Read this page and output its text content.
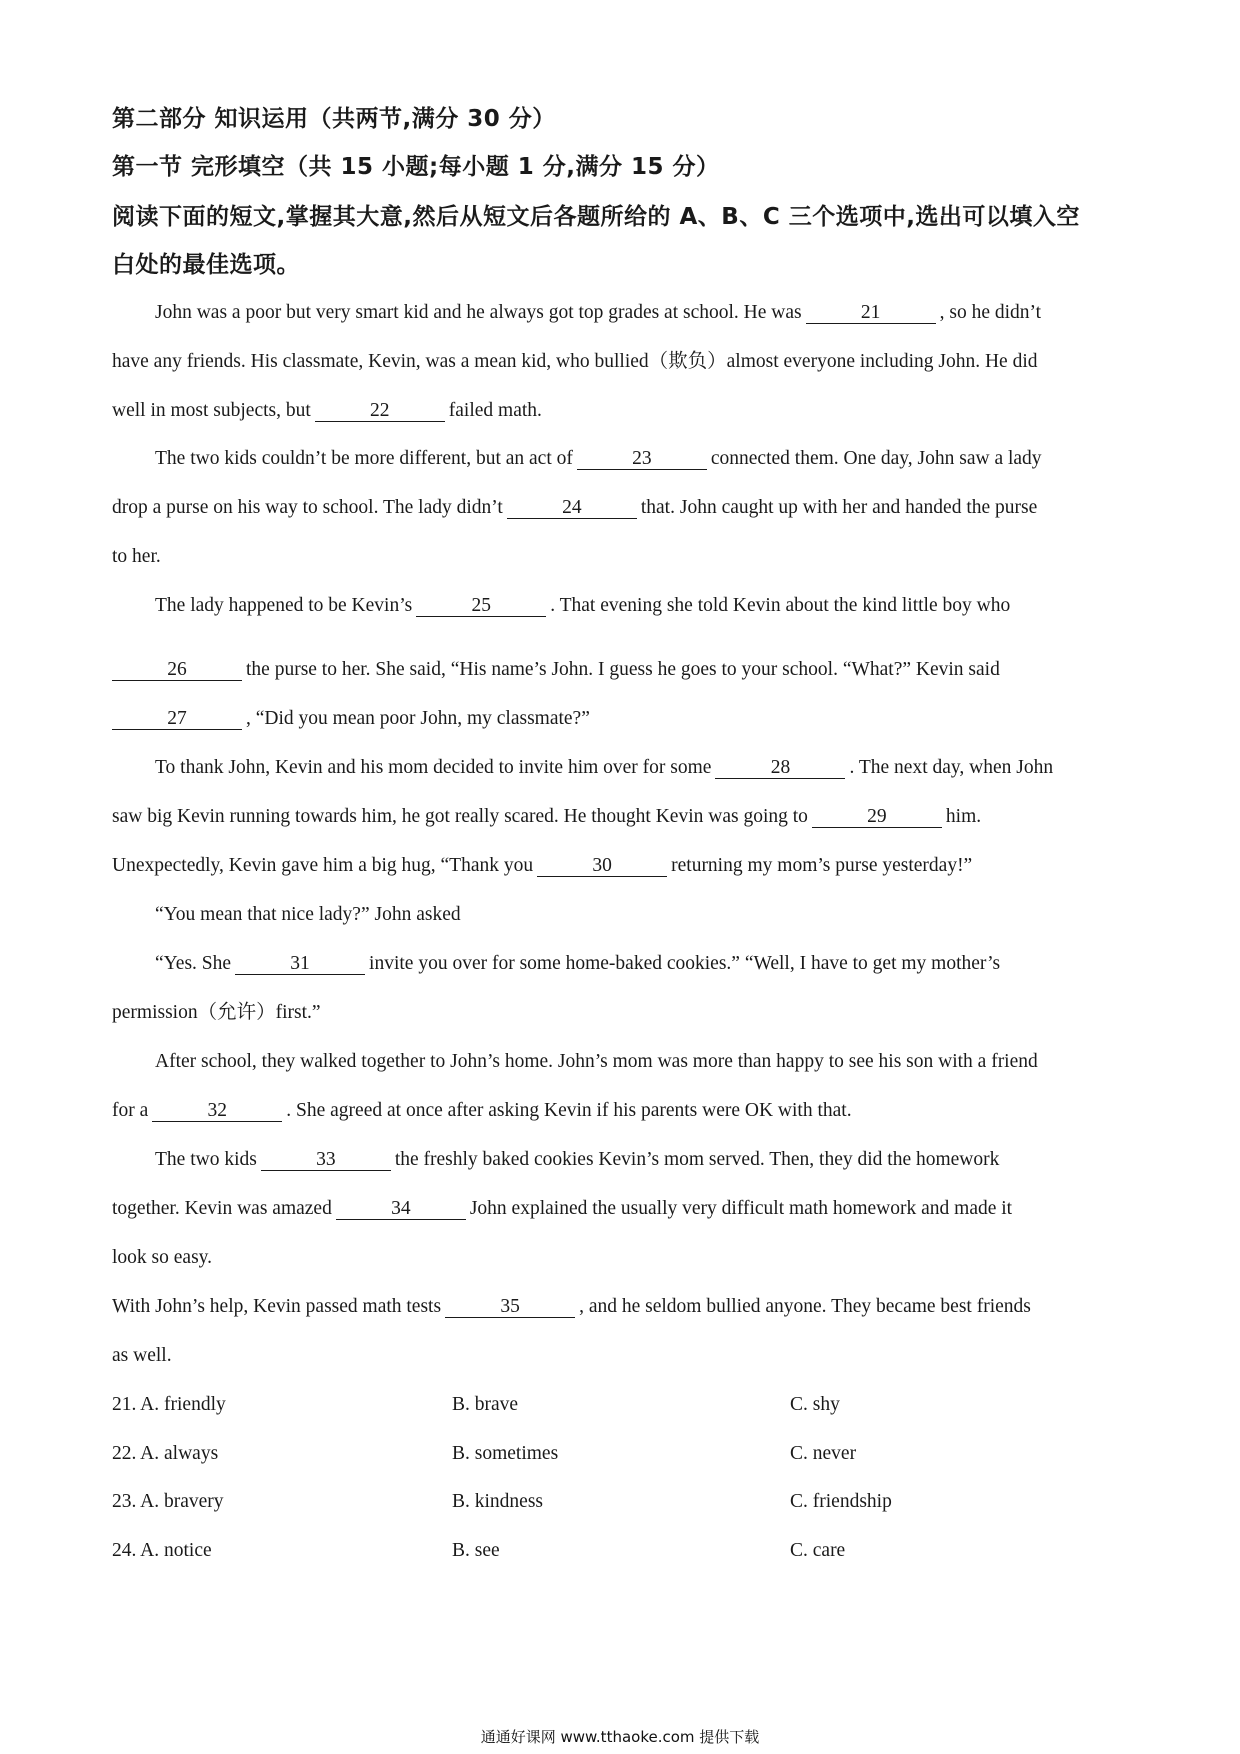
第二部分 知识运用（共两节,满分 30 分）
第一节 完形填空（共 15 小题;每小题 1 分,满分 15 分）
阅读下面的短文,掌握其大意,然后从短文后各题所给的 A、B、C 三个选项中,选出可以填入空
白处的最佳选项。
John was a poor but very smart kid and he always got top grades at school. He was	21	, so he didn’t
have any friends. His classmate, Kevin, was a mean kid, who bullied（欺负）almost everyone including John. He did
well in most subjects, but	22	failed math.
The two kids couldn’t be more different, but an act of	23	connected them. One day, John saw a lady
drop a purse on his way to school. The lady didn’t	24	that. John caught up with her and handed the purse
to her.
The lady happened to be Kevin’s	25	. That evening she told Kevin about the kind little boy who
26	the purse to her. She said, “His name’s John. I guess he goes to your school. “What?” Kevin said
27	, “Did you mean poor John, my classmate?”
To thank John, Kevin and his mom decided to invite him over for some	28	. The next day, when John
saw big Kevin running towards him, he got really scared. He thought Kevin was going to	29	him.
Unexpectedly, Kevin gave him a big hug, “Thank you	30	returning my mom’s purse yesterday!”
“You mean that nice lady?” John asked
“Yes. She	31	invite you over for some home-baked cookies.” “Well, I have to get my mother’s
permission（允许）first.”
After school, they walked together to John’s home. John’s mom was more than happy to see his son with a friend
for a	32	. She agreed at once after asking Kevin if his parents were OK with that.
The two kids	33	the freshly baked cookies Kevin’s mom served. Then, they did the homework
together. Kevin was amazed	34	John explained the usually very difficult math homework and made it
look so easy.
With John’s help, Kevin passed math tests	35	, and he seldom bullied anyone. They became best friends
as well.
21. A. friendly	B. brave	C. shy
22. A. always	B. sometimes	C. never
23. A. bravery	B. kindness	C. friendship
24. A. notice	B. see	C. care
通通好课网 www.tthaoke.com 提供下载
